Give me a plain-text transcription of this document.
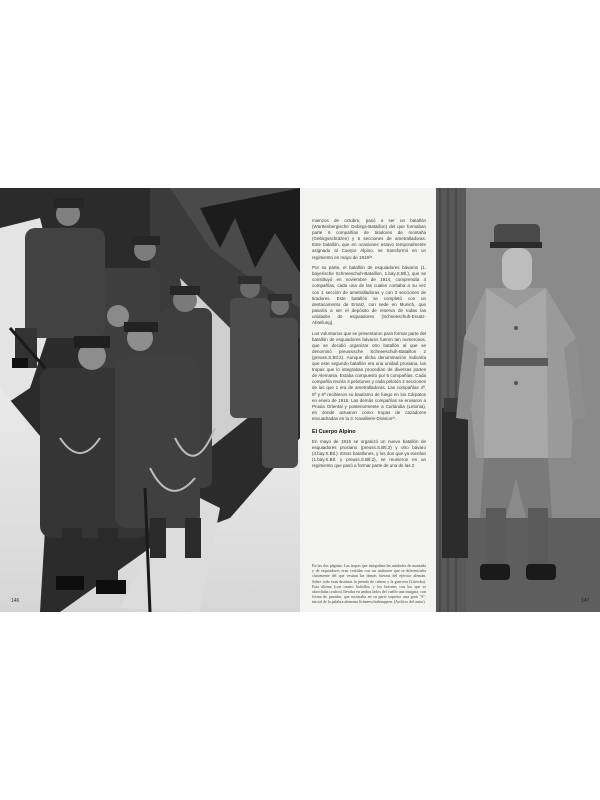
146

mienzos de octubre, pasó a ser un batallón (Württenbergische Gebirgs-Bataillon) del que formaban parte 6 compañías de tiradores de montaña (Gebirgsschützen) y 6 secciones de ametralladoras. Este batallón, que en ocasiones estuvo temporalmente asignado al Cuerpo Alpino, se transformó en un regimiento en mayo de 1918²⁶.

Por su parte, el batallón de esquiadores bávaros (1. bayerische Schneeschuh-Bataillon, 1.bay.S.Btl.), que se constituyó en noviembre de 1914, comprendía 4 compañías, cada una de las cuales contaba a su vez con 1 sección de ametralladoras y con 3 secciones de tiradores. Este batallón se completó con un destacamento de Ersatz, con sede en Munich, que pasaría a ser el depósito de reserva de todas las unidades de esquiadores (Schneeschuh-Ersatz-Abteilung).

Los voluntarios que se presentaron para formar parte del batallón de esquiadores bávaros fueron tan numerosos, que se decidió organizar otro batallón al que se denominó preussische Schneeschuh-Bataillon 2 (preuss.S.Btl.2). Aunque dicha denominación indicaría que este segundo batallón era una unidad prusiana, las tropas que lo integraban procedían de diversas partes de Alemania. Estaba compuesto por 6 compañías. Cada compañía reunía 3 pelotones y cada pelotón 2 secciones de las que 1 era de ametralladoras. Las compañías 4ª, 5ª y 6ª recibieron su bautismo de fuego en los Cárpatos en enero de 1915. Las demás compañías se enviaron a Prusia Oriental y posteriormente a Curlandia (Letonia), en donde actuaron como tropas de cazadores encuadradas en la 3. Kavallerie-Division²⁷.

El Cuerpo Alpino

En mayo de 1915 se organizó un nuevo batallón de esquiadores prusiano (preuss.S.Btl.3) y otro bávaro (4.bay.S.Btl.). Estos batallones, y los dos que ya existían (1.bay.S.Btl. y preuss.S.Btl.2), se reunieron en un regimiento que pasó a formar parte de una de las 2

En las dos páginas. Las tropas que integraban las unidades de montaña y de esquiadores eran vestidas con un uniforme que se diferenciaba claramente del que vestían las demás fuerzas del ejército alemán. Sobre todo eran distintas la prenda de cabeza y la guerrera (Litewka). Esta última (con cuatro bolsillos, y los botones con los que se abrochaba ocultos) llevaba en ambos lados del cuello una insignia, con forma de pasador, que mostraba en su parte superior una gran "S", inicial de la palabra alemana Schneeschuhtruppen. (Archivo del autor)	147
